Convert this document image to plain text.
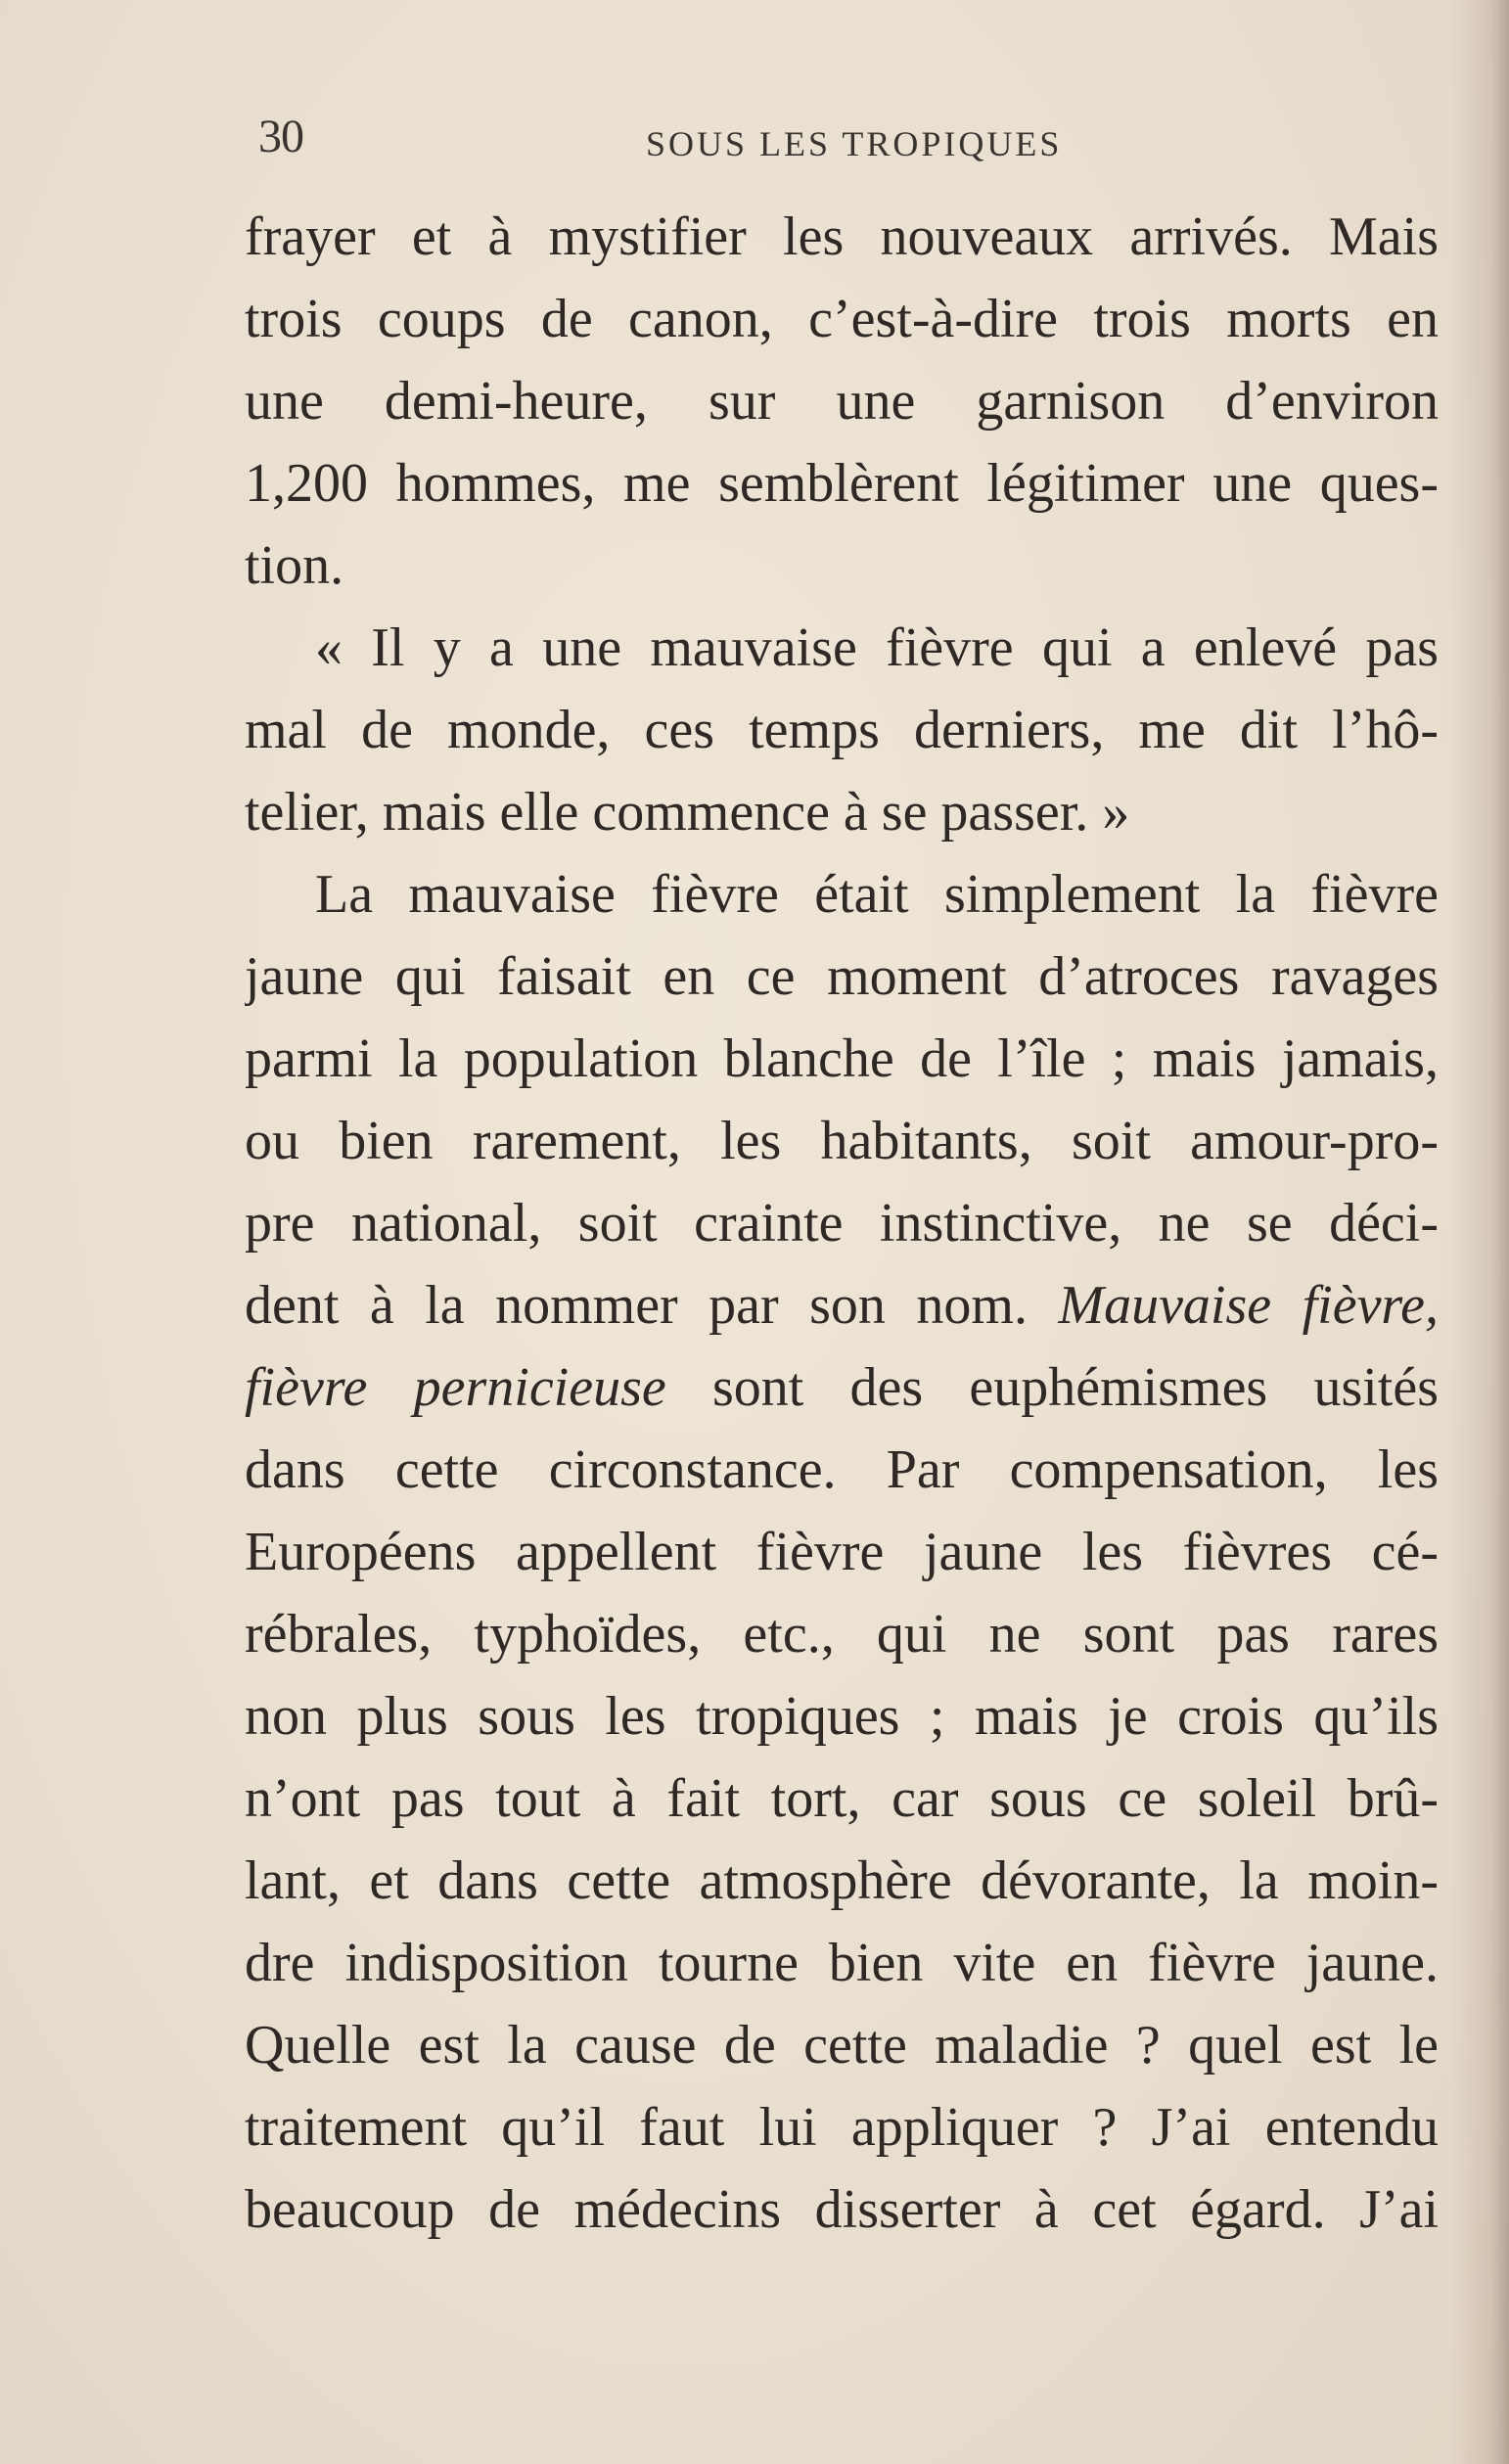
30	SOUS LES TROPIQUES
frayer et à mystifier les nouveaux arrivés. Mais
trois coups de canon, c’est-à-dire trois morts en
une demi-heure, sur une garnison d’environ
1,200 hommes, me semblèrent légitimer une ques-
tion.
« Il y a une mauvaise fièvre qui a enlevé pas
mal de monde, ces temps derniers, me dit l’hô-
telier, mais elle commence à se passer. »
La mauvaise fièvre était simplement la fièvre
jaune qui faisait en ce moment d’atroces ravages
parmi la population blanche de l’île ; mais jamais,
ou bien rarement, les habitants, soit amour-pro-
pre national, soit crainte instinctive, ne se déci-
dent à la nommer par son nom. Mauvaise fièvre,
fièvre pernicieuse sont des euphémismes usités
dans cette circonstance. Par compensation, les
Européens appellent fièvre jaune les fièvres cé-
rébrales, typhoïdes, etc., qui ne sont pas rares
non plus sous les tropiques ; mais je crois qu’ils
n’ont pas tout à fait tort, car sous ce soleil brû-
lant, et dans cette atmosphère dévorante, la moin-
dre indisposition tourne bien vite en fièvre jaune.
Quelle est la cause de cette maladie ? quel est le
traitement qu’il faut lui appliquer ? J’ai entendu
beaucoup de médecins disserter à cet égard. J’ai
